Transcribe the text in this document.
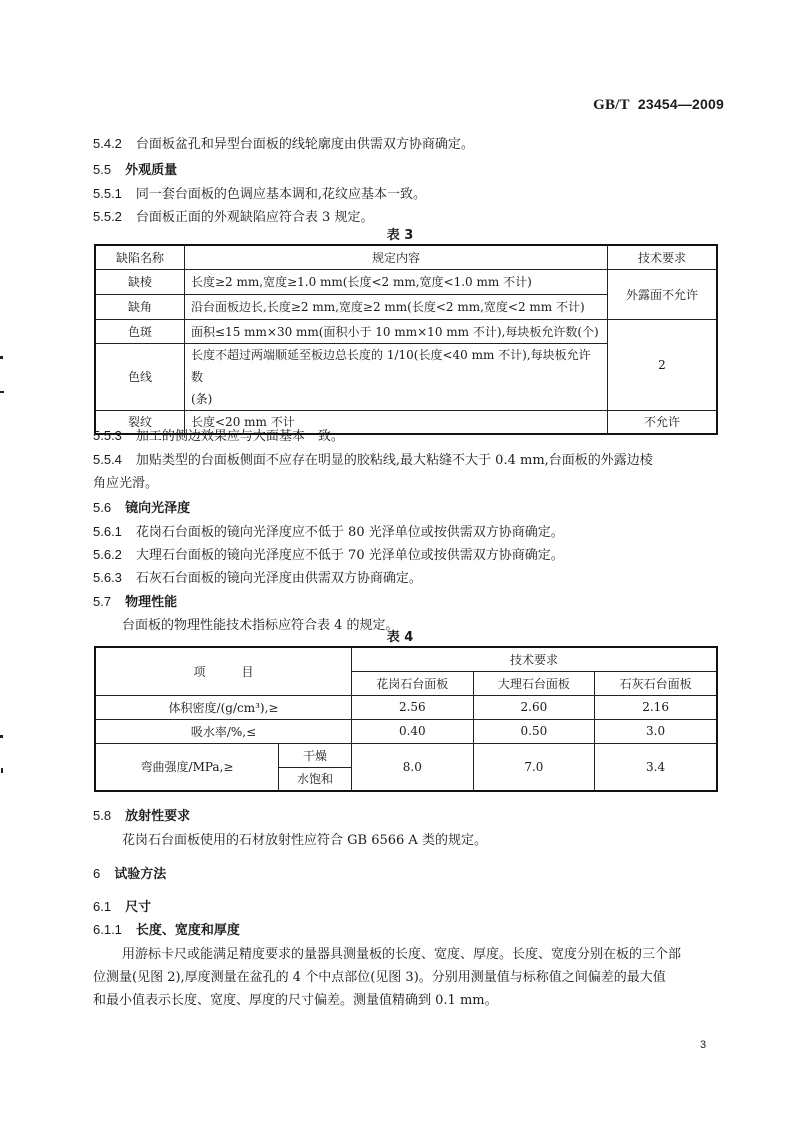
GB/T 23454—2009
5.4.2 台面板盆孔和异型台面板的线轮廓度由供需双方协商确定。
5.5 外观质量
5.5.1 同一套台面板的色调应基本调和,花纹应基本一致。
5.5.2 台面板正面的外观缺陷应符合表 3 规定。
表 3
缺陷名称	规定内容	技术要求
缺棱	长度≥2 mm,宽度≥1.0 mm(长度<2 mm,宽度<1.0 mm 不计)	外露面不允许
缺角	沿台面板边长,长度≥2 mm,宽度≥2 mm(长度<2 mm,宽度<2 mm 不计)	
色斑	面积≤15 mm×30 mm(面积小于 10 mm×10 mm 不计),每块板允许数(个)	2
色线	长度不超过两端顺延至板边总长度的 1/10(长度<40 mm 不计),每块板允许数
(条)	
裂纹	长度<20 mm 不计	不允许
5.5.3 加工的侧边效果应与大面基本一致。
5.5.4 加贴类型的台面板侧面不应存在明显的胶粘线,最大粘缝不大于 0.4 mm,台面板的外露边棱
角应光滑。
5.6 镜向光泽度
5.6.1 花岗石台面板的镜向光泽度应不低于 80 光泽单位或按供需双方协商确定。
5.6.2 大理石台面板的镜向光泽度应不低于 70 光泽单位或按供需双方协商确定。
5.6.3 石灰石台面板的镜向光泽度由供需双方协商确定。
5.7 物理性能
台面板的物理性能技术指标应符合表 4 的规定。
表 4
项　　　目		技术要求		
		花岗石台面板	大理石台面板	石灰石台面板
体积密度/(g/cm³),≥		2.56	2.60	2.16
吸水率/%,≤		0.40	0.50	3.0
弯曲强度/MPa,≥	干燥	8.0	7.0	3.4
	水饱和			
5.8 放射性要求
花岗石台面板使用的石材放射性应符合 GB 6566 A 类的规定。
6 试验方法
6.1 尺寸
6.1.1 长度、宽度和厚度
用游标卡尺或能满足精度要求的量器具测量板的长度、宽度、厚度。长度、宽度分别在板的三个部
位测量(见图 2),厚度测量在盆孔的 4 个中点部位(见图 3)。分别用测量值与标称值之间偏差的最大值
和最小值表示长度、宽度、厚度的尺寸偏差。测量值精确到 0.1 mm。
3
